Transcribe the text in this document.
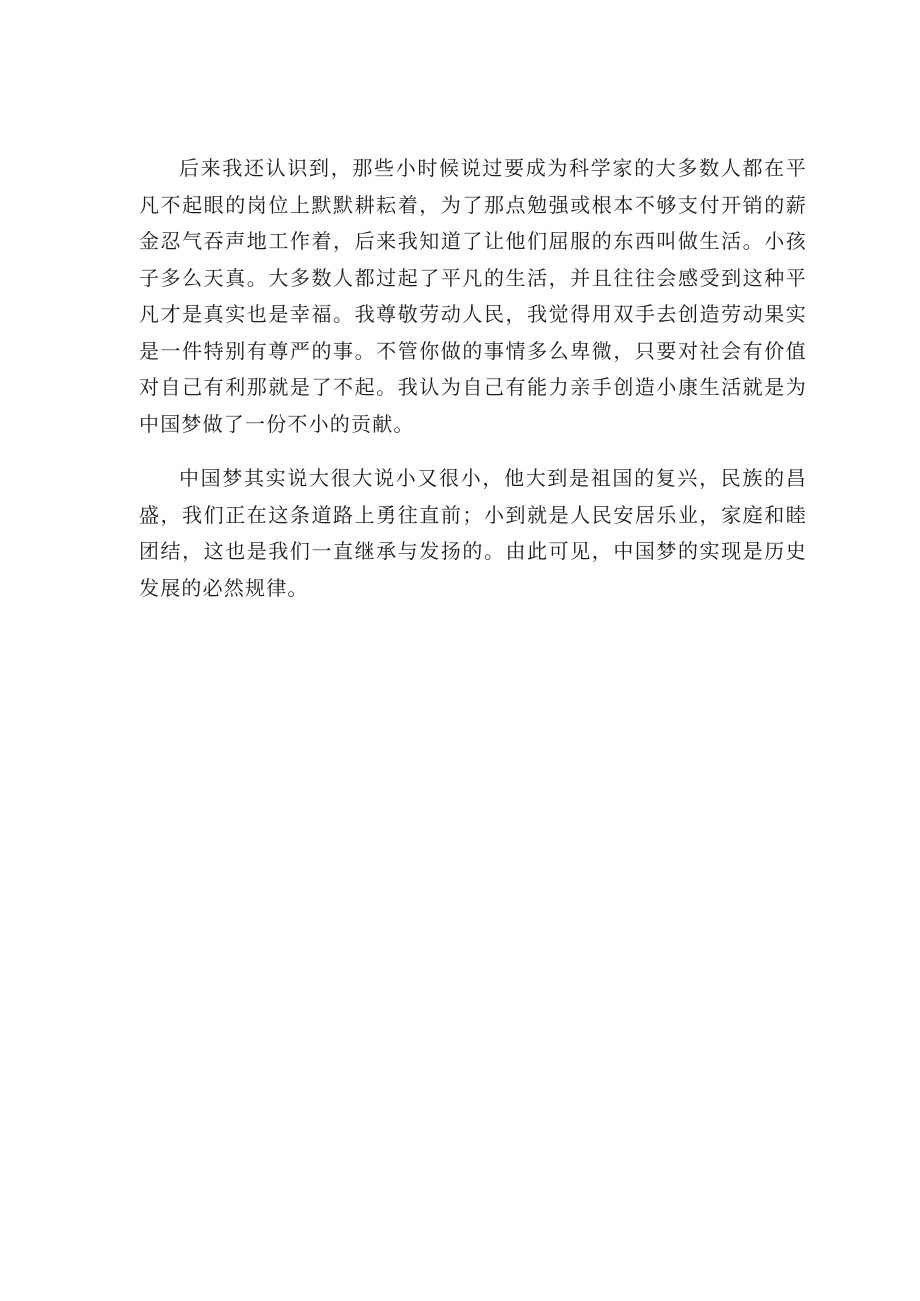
后来我还认识到，那些小时候说过要成为科学家的大多数人都在平凡不起眼的岗位上默默耕耘着，为了那点勉强或根本不够支付开销的薪金忍气吞声地工作着，后来我知道了让他们屈服的东西叫做生活。小孩子多么天真。大多数人都过起了平凡的生活，并且往往会感受到这种平凡才是真实也是幸福。我尊敬劳动人民，我觉得用双手去创造劳动果实是一件特别有尊严的事。不管你做的事情多么卑微，只要对社会有价值对自己有利那就是了不起。我认为自己有能力亲手创造小康生活就是为中国梦做了一份不小的贡献。

中国梦其实说大很大说小又很小，他大到是祖国的复兴，民族的昌盛，我们正在这条道路上勇往直前；小到就是人民安居乐业，家庭和睦团结，这也是我们一直继承与发扬的。由此可见，中国梦的实现是历史发展的必然规律。
